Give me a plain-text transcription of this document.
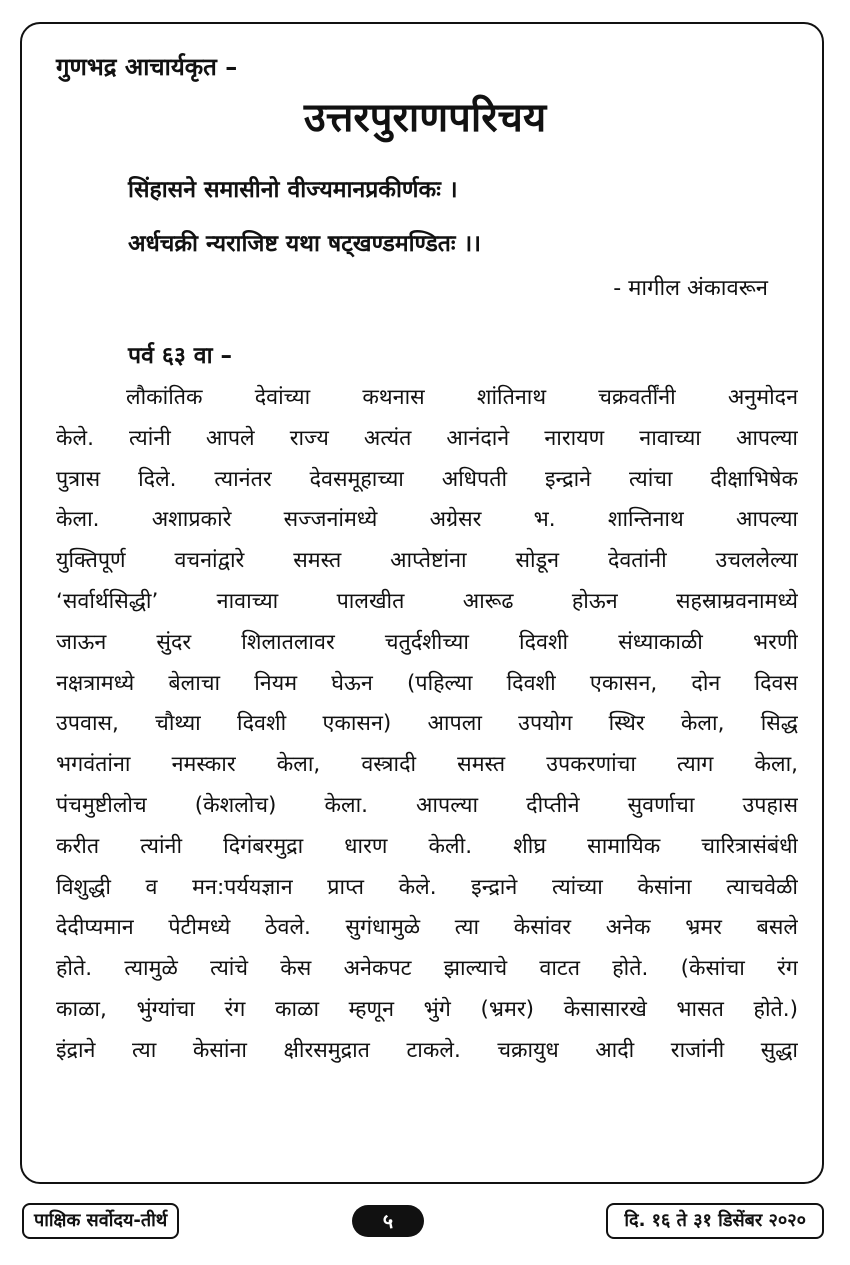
गुणभद्र आचार्यकृत –
उत्तरपुराणपरिचय
सिंहासने समासीनो वीज्यमानप्रकीर्णकः ।
अर्धचक्री न्यराजिष्ट यथा षट्खण्डमण्डितः ।।
- मागील अंकावरून
पर्व ६३ वा –
लौकांतिक देवांच्या कथनास शांतिनाथ चक्रवर्तींनी अनुमोदन
केले. त्यांनी आपले राज्य अत्यंत आनंदाने नारायण नावाच्या आपल्या
पुत्रास दिले. त्यानंतर देवसमूहाच्या अधिपती इन्द्राने त्यांचा दीक्षाभिषेक
केला. अशाप्रकारे सज्जनांमध्ये अग्रेसर भ. शान्तिनाथ आपल्या
युक्तिपूर्ण वचनांद्वारे समस्त आप्तेष्टांना सोडून देवतांनी उचललेल्या
‘सर्वार्थसिद्धी’ नावाच्या पालखीत आरूढ होऊन सहस्राम्रवनामध्ये
जाऊन सुंदर शिलातलावर चतुर्दशीच्या दिवशी संध्याकाळी भरणी
नक्षत्रामध्ये बेलाचा नियम घेऊन (पहिल्या दिवशी एकासन, दोन दिवस
उपवास, चौथ्या दिवशी एकासन) आपला उपयोग स्थिर केला, सिद्ध
भगवंतांना नमस्कार केला, वस्त्रादी समस्त उपकरणांचा त्याग केला,
पंचमुष्टीलोच (केशलोच) केला. आपल्या दीप्तीने सुवर्णाचा उपहास
करीत त्यांनी दिगंबरमुद्रा धारण केली. शीघ्र सामायिक चारित्रासंबंधी
विशुद्धी व मन:पर्ययज्ञान प्राप्त केले. इन्द्राने त्यांच्या केसांना त्याचवेळी
देदीप्यमान पेटीमध्ये ठेवले. सुगंधामुळे त्या केसांवर अनेक भ्रमर बसले
होते. त्यामुळे त्यांचे केस अनेकपट झाल्याचे वाटत होते. (केसांचा रंग
काळा, भुंग्यांचा रंग काळा म्हणून भुंगे (भ्रमर) केसासारखे भासत होते.)
इंद्राने त्या केसांना क्षीरसमुद्रात टाकले. चक्रायुध आदी राजांनी सुद्धा
पाक्षिक सर्वोदय-तीर्थ	५	दि. १६ ते ३१ डिसेंबर २०२०
